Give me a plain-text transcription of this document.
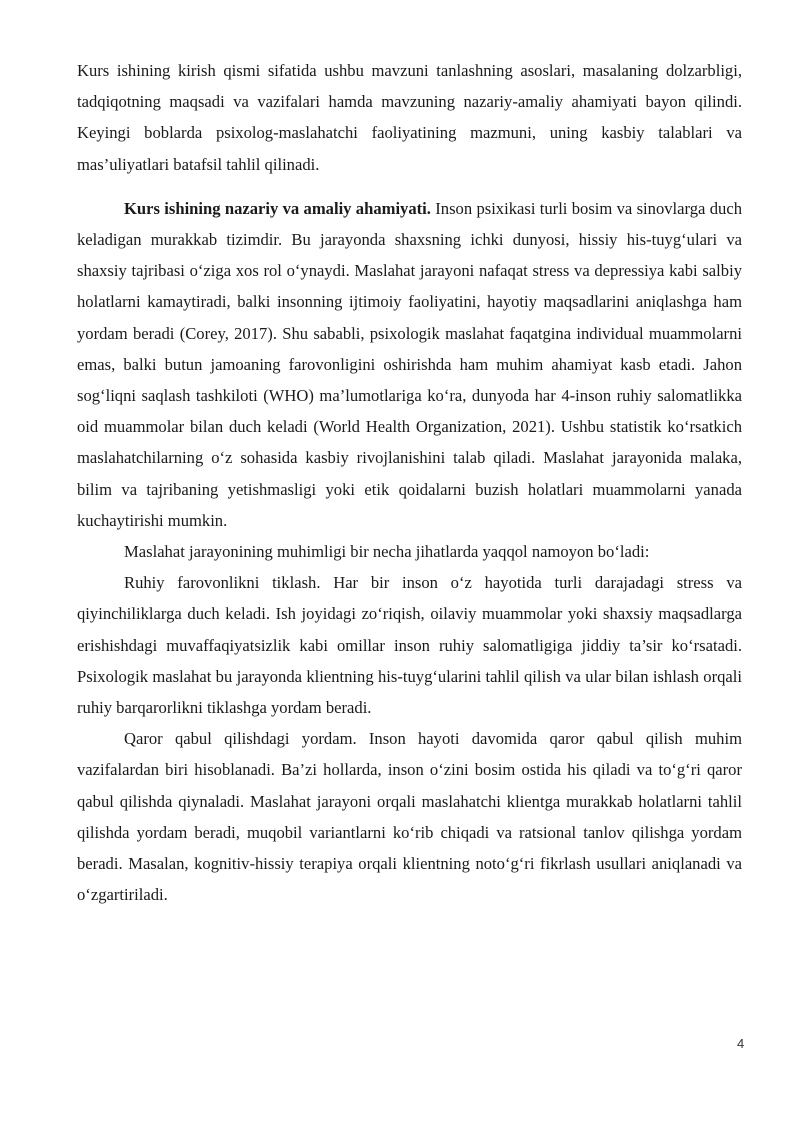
Kurs ishining kirish qismi sifatida ushbu mavzuni tanlashning asoslari, masalaning dolzarbligi, tadqiqotning maqsadi va vazifalari hamda mavzuning nazariy-amaliy ahamiyati bayon qilindi. Keyingi boblarda psixolog-maslahatchi faoliyatining mazmuni, uning kasbiy talablari va mas’uliyatlari batafsil tahlil qilinadi.

Kurs ishining nazariy va amaliy ahamiyati. Inson psixikasi turli bosim va sinovlarga duch keladigan murakkab tizimdir. Bu jarayonda shaxsning ichki dunyosi, hissiy his-tuyg‘ulari va shaxsiy tajribasi o‘ziga xos rol o‘ynaydi. Maslahat jarayoni nafaqat stress va depressiya kabi salbiy holatlarni kamaytiradi, balki insonning ijtimoiy faoliyatini, hayotiy maqsadlarini aniqlashga ham yordam beradi (Corey, 2017). Shu sababli, psixologik maslahat faqatgina individual muammolarni emas, balki butun jamoaning farovonligini oshirishda ham muhim ahamiyat kasb etadi. Jahon sog‘liqni saqlash tashkiloti (WHO) ma’lumotlariga ko‘ra, dunyoda har 4-inson ruhiy salomatlikka oid muammolar bilan duch keladi (World Health Organization, 2021). Ushbu statistik ko‘rsatkich maslahatchilarning o‘z sohasida kasbiy rivojlanishini talab qiladi. Maslahat jarayonida malaka, bilim va tajribaning yetishmasligi yoki etik qoidalarni buzish holatlari muammolarni yanada kuchaytirishi mumkin.

Maslahat jarayonining muhimligi bir necha jihatlarda yaqqol namoyon bo‘ladi:

Ruhiy farovonlikni tiklash. Har bir inson o‘z hayotida turli darajadagi stress va qiyinchiliklarga duch keladi. Ish joyidagi zo‘riqish, oilaviy muammolar yoki shaxsiy maqsadlarga erishishdagi muvaffaqiyatsizlik kabi omillar inson ruhiy salomatligiga jiddiy ta’sir ko‘rsatadi. Psixologik maslahat bu jarayonda klientning his-tuyg‘ularini tahlil qilish va ular bilan ishlash orqali ruhiy barqarorlikni tiklashga yordam beradi.

Qaror qabul qilishdagi yordam. Inson hayoti davomida qaror qabul qilish muhim vazifalardan biri hisoblanadi. Ba’zi hollarda, inson o‘zini bosim ostida his qiladi va to‘g‘ri qaror qabul qilishda qiynaladi. Maslahat jarayoni orqali maslahatchi klientga murakkab holatlarni tahlil qilishda yordam beradi, muqobil variantlarni ko‘rib chiqadi va ratsional tanlov qilishga yordam beradi. Masalan, kognitiv-hissiy terapiya orqali klientning noto‘g‘ri fikrlash usullari aniqlanadi va o‘zgartiriladi.

4
